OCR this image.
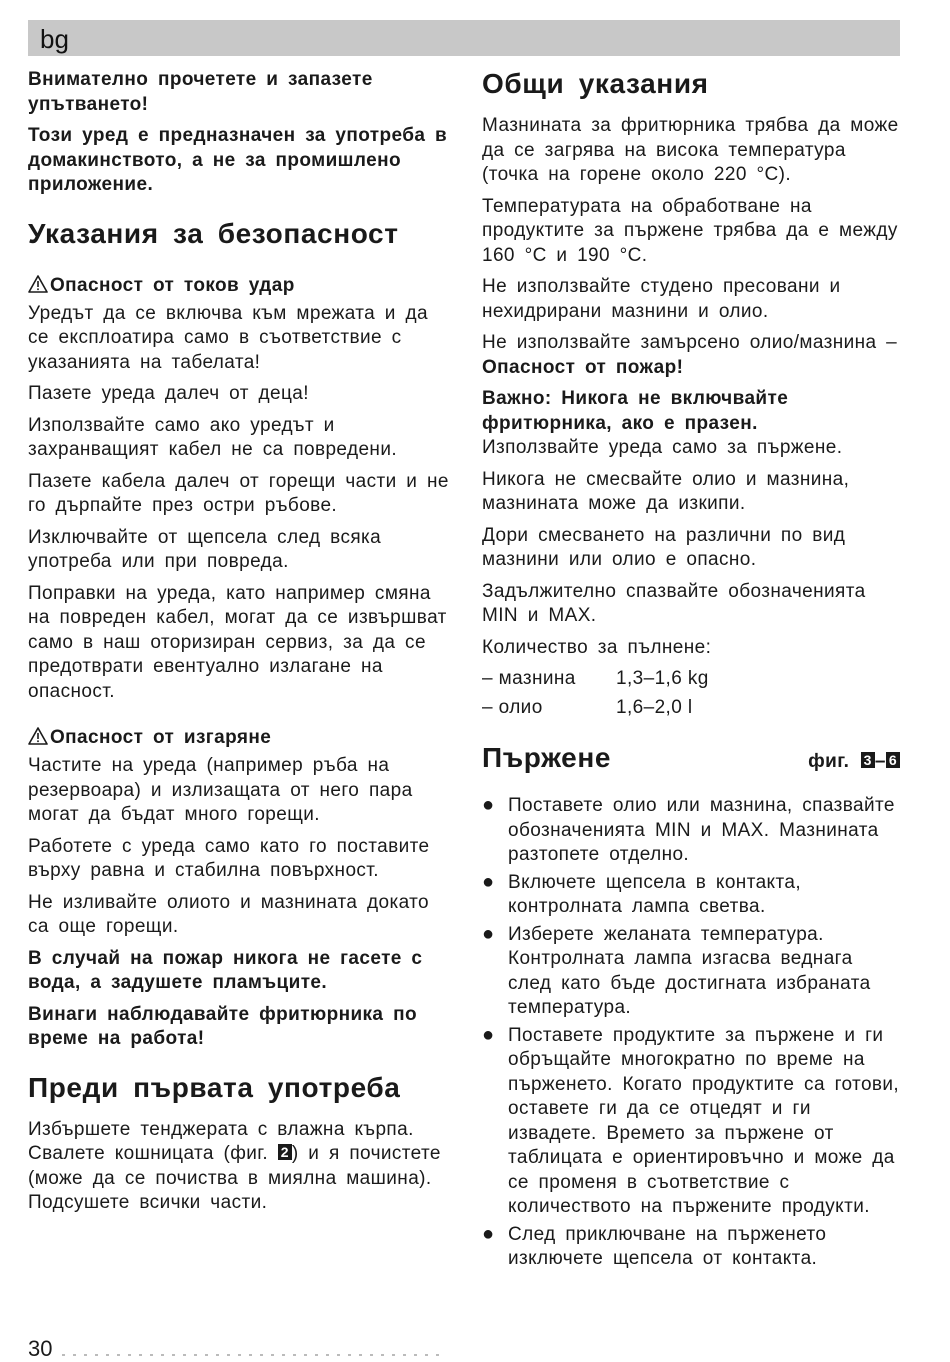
bg

Внимателно прочетете и запазете упътването!

Този уред е предназначен за употреба в домакинството, а не за промишлено приложение.

Указания за безопасност
Опасност от токов удар

Уредът да се включва към мрежата и да се експлоатира само в съответствие с указанията на табелата!

Пазете уреда далеч от деца!

Използвайте само ако уредът и захранващият кабел не са повредени.

Пазете кабела далеч от горещи части и не го дърпайте през остри ръбове.

Изключвайте от щепсела след всяка употреба или при повреда.

Поправки на уреда, като например смяна на повреден кабел, могат да се извършват само в наш оторизиран сервиз, за да се предотврати евентуално излагане на опасност.

Опасност от изгаряне

Частите на уреда (например ръба на резервоара) и излизащата от него пара могат да бъдат много горещи.

Работете с уреда само като го поставите върху равна и стабилна повърхност.

Не изливайте олиото и мазнината докато са още горещи.

В случай на пожар никога не гасете с вода, а задушете пламъците.

Винаги наблюдавайте фритюрника по време на работа!

Преди първата употреба

Избършете тенджерата с влажна кърпа. Свалете кошницата (фиг. 2 ) и я почистете (може да се почиства в миялна машина). Подсушете всички части.

Общи указания

Мазнината за фритюрника трябва да може да се загрява на висока температура (точка на горене около 220 °C).

Температурата на обработване на продуктите за пържене трябва да е между 160 °C и 190 °C.

Не използвайте студено пресовани и нехидрирани мазнини и олио.

Не използвайте замърсено олио/мазнина – Опасност от пожар!

Важно: Никога не включвайте фритюрника, ако е празен.

Използвайте уреда само за пържене.

Никога не смесвайте олио и мазнина, мазнината може да изкипи.

Дори смесването на различни по вид мазнини или олио е опасно.

Задължително спазвайте обозначенията MIN и MAX.

Количество за пълнене:

– мазнина	1,3–1,6 kg
– олио	1,6–2,0 l
Пържене	фиг. 3 – 6
● Поставете олио или мазнина, спазвайте обозначенията MIN и MAX. Мазнината разтопете отделно.
● Включете щепсела в контакта, контролната лампа светва.
● Изберете желаната температура. Контролната лампа изгасва веднага след като бъде достигната избраната температура.
● Поставете продуктите за пържене и ги обръщайте многократно по време на пърженето. Когато продуктите са готови, оставете ги да се отцедят и ги извадете. Времето за пържене от таблицата е ориентировъчно и може да се променя в съответствие с количеството на пържените продукти.
● След приключване на пърженето изключете щепсела от контакта.
30
